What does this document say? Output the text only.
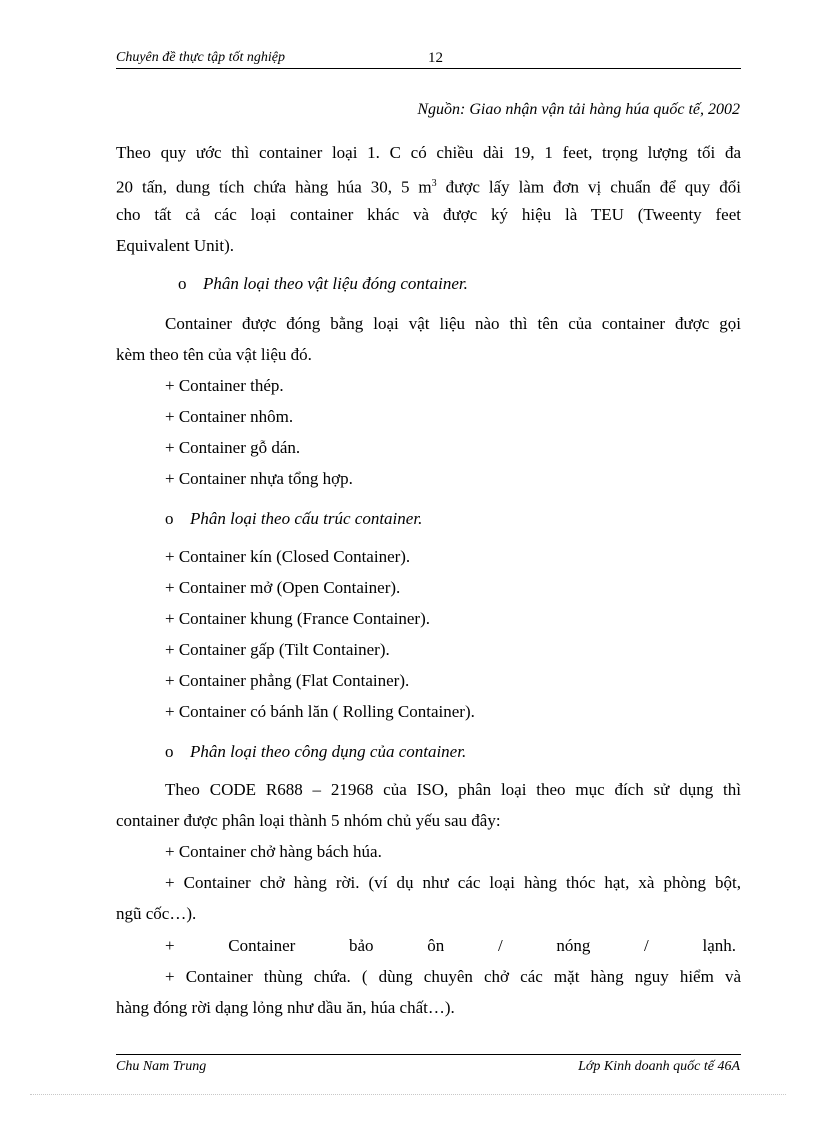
Chuyên đề thực tập tốt nghiệp	12
Nguồn: Giao nhận vận tải hàng húa quốc tế, 2002
Theo quy ước thì container loại 1. C có chiều dài 19, 1 feet, trọng lượng tối đa
20 tấn, dung tích chứa hàng húa 30, 5 $m^3$ được lấy làm đơn vị chuẩn để quy đổi
cho tất cả các loại container khác và được ký hiệu là TEU (Tweenty feet
Equivalent Unit).
o Phân loại theo vật liệu đóng container.
Container được đóng bằng loại vật liệu nào thì tên của container được gọi
kèm theo tên của vật liệu đó.
+ Container thép.
+ Container nhôm.
+ Container gỗ dán.
+ Container nhựa tổng hợp.
o Phân loại theo cấu trúc container.
+ Container kín (Closed Container).
+ Container mở (Open Container).
+ Container khung (France Container).
+ Container gấp (Tilt Container).
+ Container phẳng (Flat Container).
+ Container có bánh lăn ( Rolling Container).
o Phân loại theo công dụng của container.
Theo CODE R688 – 21968 của ISO, phân loại theo mục đích sử dụng thì
container được phân loại thành 5 nhóm chủ yếu sau đây:
+ Container chở hàng bách húa.
+ Container chở hàng rời. (ví dụ như các loại hàng thóc hạt, xà phòng bột,
ngũ cốc…).
+ Container bảo ôn / nóng / lạnh.
+ Container thùng chứa. ( dùng chuyên chở các mặt hàng nguy hiểm và
hàng đóng rời dạng lỏng như dầu ăn, húa chất…).
Chu Nam Trung	Lớp Kinh doanh quốc tế 46A
